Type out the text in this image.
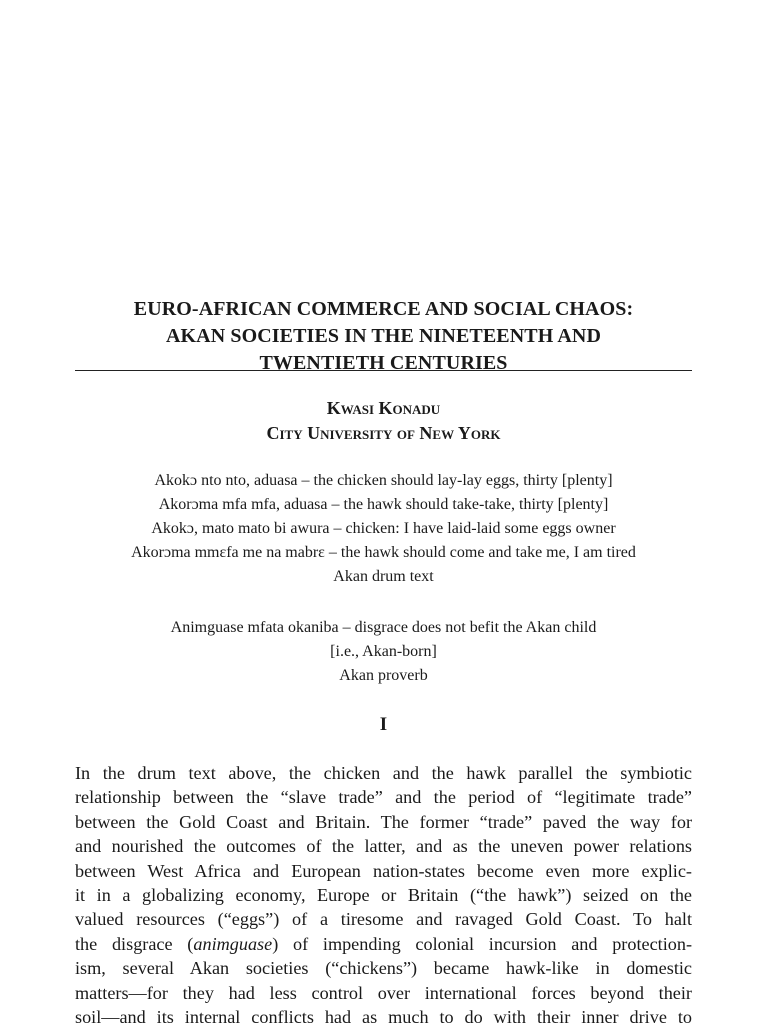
EURO-AFRICAN COMMERCE AND SOCIAL CHAOS:
AKAN SOCIETIES IN THE NINETEENTH AND
TWENTIETH CENTURIES
Kwasi Konadu
City University of New York
Akokɔ nto nto, aduasa – the chicken should lay-lay eggs, thirty [plenty]
Akorɔma mfa mfa, aduasa – the hawk should take-take, thirty [plenty]
Akokɔ, mato mato bi awura – chicken: I have laid-laid some eggs owner
Akorɔma mmɛfa me na mabrɛ – the hawk should come and take me, I am tired
Akan drum text
Animguase mfata okaniba – disgrace does not befit the Akan child
[i.e., Akan-born]
Akan proverb
I
In the drum text above, the chicken and the hawk parallel the symbiotic
relationship between the “slave trade” and the period of “legitimate trade”
between the Gold Coast and Britain. The former “trade” paved the way for
and nourished the outcomes of the latter, and as the uneven power relations
between West Africa and European nation-states become even more explic-
it in a globalizing economy, Europe or Britain (“the hawk”) seized on the
valued resources (“eggs”) of a tiresome and ravaged Gold Coast. To halt
the disgrace (animguase) of impending colonial incursion and protection-
ism, several Akan societies (“chickens”) became hawk-like in domestic
matters—for they had less control over international forces beyond their
soil—and its internal conflicts had as much to do with their inner drive to
